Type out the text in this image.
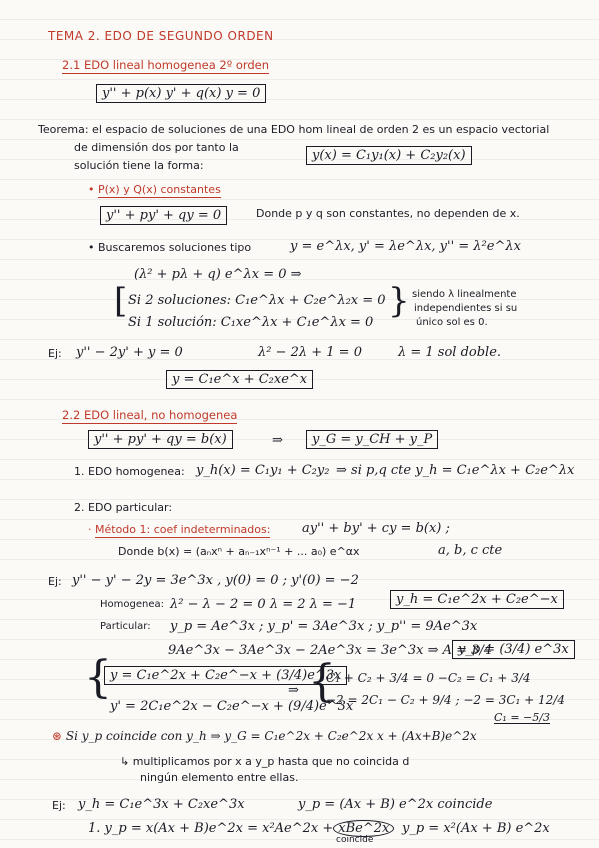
TEMA 2. EDO DE SEGUNDO ORDEN
2.1 EDO lineal homogenea 2º orden
y'' + p(x) y' + q(x) y = 0
Teorema: el espacio de soluciones de una EDO hom lineal de orden 2 es un espacio vectorial
de dimensión dos por tanto la
solución tiene la forma:
y(x) = C₁y₁(x) + C₂y₂(x)
• P(x) y Q(x) constantes
y'' + py' + qy = 0	Donde p y q son constantes, no dependen de x.
• Buscaremos soluciones tipo	y = e^λx, y' = λe^λx, y'' = λ²e^λx
(λ² + pλ + q) e^λx = 0 ⇒
[ Si 2 soluciones: C₁e^λx + C₂e^λ₂x = 0
Si 1 solución: C₁xe^λx + C₁e^λx = 0
} siendo λ linealmente
independientes si su
único sol es 0.
Ej: y'' − 2y' + y = 0	λ² − 2λ + 1 = 0	λ = 1 sol doble.
y = C₁e^x + C₂xe^x
2.2 EDO lineal, no homogenea
y'' + py' + qy = b(x)	⇒	y_G = y_CH + y_P
1. EDO homogenea: y_h(x) = C₁y₁ + C₂y₂ ⇒ si p,q cte y_h = C₁e^λx + C₂e^λx
2. EDO particular:
· Método 1: coef indeterminados: ay'' + by' + cy = b(x) ;
Donde b(x) = (aₙxⁿ + aₙ₋₁xⁿ⁻¹ + ... a₀) e^αx	a, b, c cte
Ej: y'' − y' − 2y = 3e^3x , y(0) = 0 ; y'(0) = −2
Homogenea: λ² − λ − 2 = 0 λ = 2 λ = −1	y_h = C₁e^2x + C₂e^−x
Particular: y_p = Ae^3x ; y_p' = 3Ae^3x ; y_p'' = 9Ae^3x
9Ae^3x − 3Ae^3x − 2Ae^3x = 3e^3x ⇒ A = 3/4
y_p = (3/4) e^3x
{
y = C₁e^2x + C₂e^−x + (3/4)e^3x
y' = 2C₁e^2x − C₂e^−x + (9/4)e^3x
⇒ {
C₁ + C₂ + 3/4 = 0 −C₂ = C₁ + 3/4
−2 = 2C₁ − C₂ + 9/4 ; −2 = 3C₁ + 12/4
C₁ = −5/3
⊛ Si y_p coincide con y_h ⇒ y_G = C₁e^2x + C₂e^2x x + (Ax+B)e^2x
↳ multiplicamos por x a y_p hasta que no coincida d
ningún elemento entre ellas.
Ej: y_h = C₁e^3x + C₂xe^3x	y_p = (Ax + B) e^2x coincide
1. y_p = x(Ax + B)e^2x = x²Ae^2x + xBe^2x y_p = x²(Ax + B) e^2x
coincide
